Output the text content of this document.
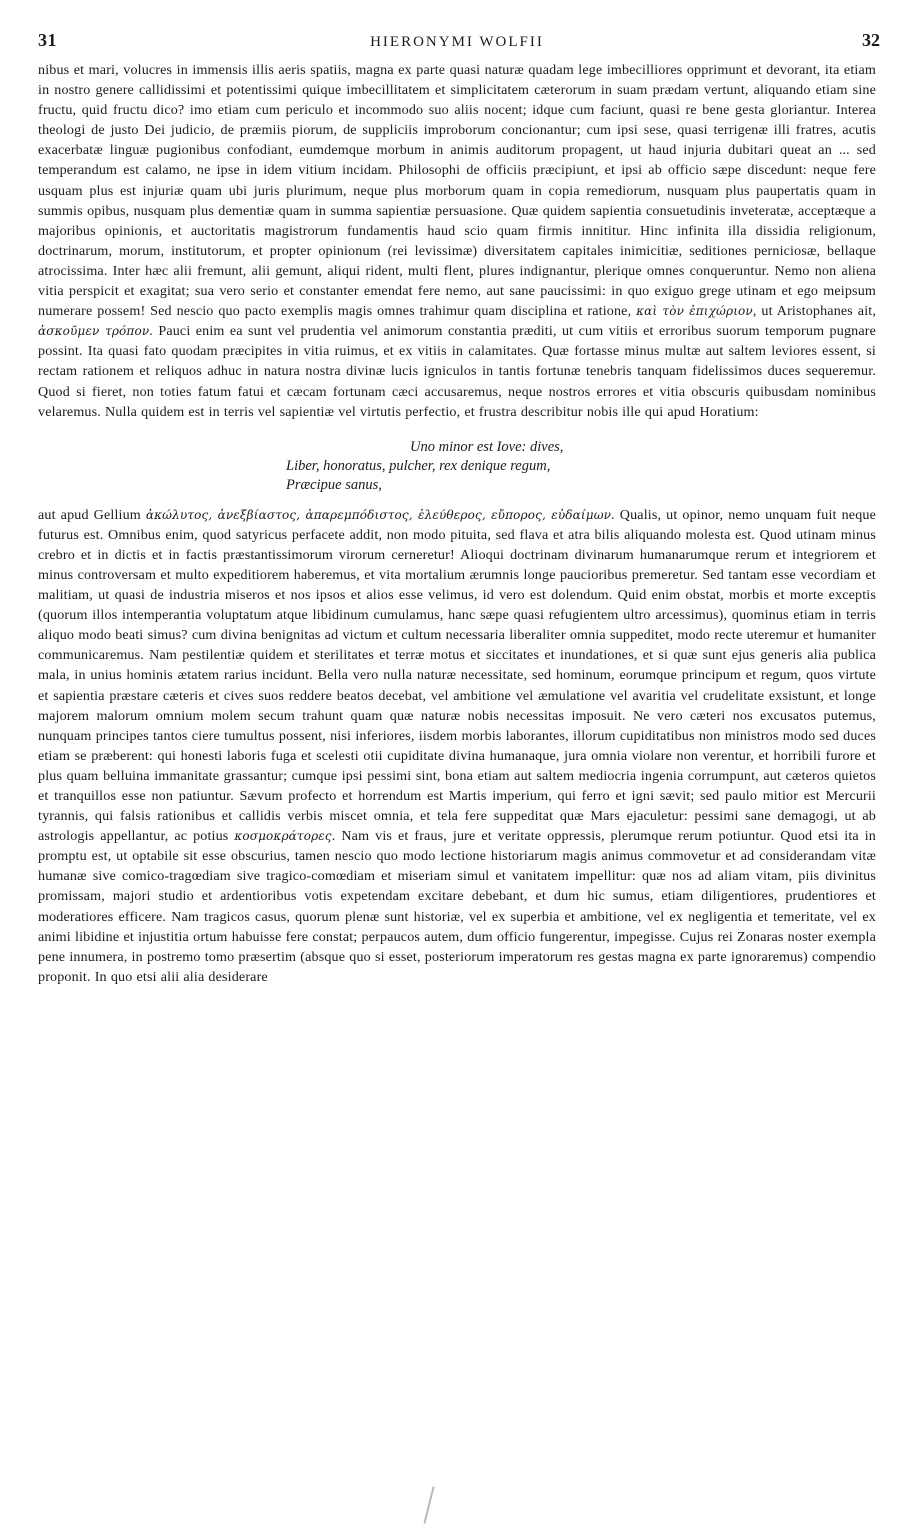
31	HIERONYMI WOLFII	32

nibus et mari, volucres in immensis illis aeris spatiis, magna ex parte quasi naturæ quadam lege imbecilliores opprimunt et devorant, ita etiam in nostro genere callidissimi et potentissimi quique imbecillitatem et simplicitatem cæterorum in suam prædam vertunt, aliquando etiam sine fructu, quid fructu dico? imo etiam cum periculo et incommodo suo aliis nocent; idque cum faciunt, quasi re bene gesta gloriantur. Interea theologi de justo Dei judicio, de præmiis piorum, de suppliciis improborum concionantur; cum ipsi sese, quasi terrigenæ illi fratres, acutis exacerbatæ linguæ pugionibus confodiant, eumdemque morbum in animis auditorum propagent, ut haud injuria dubitari queat an ... sed temperandum est calamo, ne ipse in idem vitium incidam. Philosophi de officiis præcipiunt, et ipsi ab officio sæpe discedunt: neque fere usquam plus est injuriæ quam ubi juris plurimum, neque plus morborum quam in copia remediorum, nusquam plus paupertatis quam in summis opibus, nusquam plus dementiæ quam in summa sapientiæ persuasione. Quæ quidem sapientia consuetudinis inveteratæ, acceptæque a majoribus opinionis, et auctoritatis magistrorum fundamentis haud scio quam firmis innititur. Hinc infinita illa dissidia religionum, doctrinarum, morum, institutorum, et propter opinionum (rei levissimæ) diversitatem capitales inimicitiæ, seditiones perniciosæ, bellaque atrocissima. Inter hæc alii fremunt, alii gemunt, aliqui rident, multi flent, plures indignantur, plerique omnes conqueruntur. Nemo non aliena vitia perspicit et exagitat; sua vero serio et constanter emendat fere nemo, aut sane paucissimi: in quo exiguo grege utinam et ego meipsum numerare possem! Sed nescio quo pacto exemplis magis omnes trahimur quam disciplina et ratione, καὶ τὸν ἐπιχώριον, ut Aristophanes ait, ἀσκοῦμεν τρόπον. Pauci enim ea sunt vel prudentia vel animorum constantia præditi, ut cum vitiis et erroribus suorum temporum pugnare possint. Ita quasi fato quodam præcipites in vitia ruimus, et ex vitiis in calamitates. Quæ fortasse minus multæ aut saltem leviores essent, si rectam rationem et reliquos adhuc in natura nostra divinæ lucis igniculos in tantis fortunæ tenebris tanquam fidelissimos duces sequeremur. Quod si fieret, non toties fatum fatui et cæcam fortunam cæci accusaremus, neque nostros errores et vitia obscuris quibusdam nominibus velaremus. Nulla quidem est in terris vel sapientiæ vel virtutis perfectio, et frustra describitur nobis ille qui apud Horatium:

Uno minor est Iove: dives,
Liber, honoratus, pulcher, rex denique regum,
Præcipue sanus,

aut apud Gellium ἀκώλυτος, ἀνεξβίαστος, ἀπαρεμπόδιστος, ἐλεύθερος, εὔπορος, εὐδαίμων. Qualis, ut opinor, nemo unquam fuit neque futurus est. Omnibus enim, quod satyricus perfacete addit, non modo pituita, sed flava et atra bilis aliquando molesta est. Quod utinam minus crebro et in dictis et in factis præstantissimorum virorum cerneretur! Alioqui doctrinam divinarum humanarumque rerum et integriorem et minus controversam et multo expeditiorem haberemus, et vita mortalium ærumnis longe paucioribus premeretur. Sed tantam esse vecordiam et malitiam, ut quasi de industria miseros et nos ipsos et alios esse velimus, id vero est dolendum. Quid enim obstat, morbis et morte exceptis (quorum illos intemperantia voluptatum atque libidinum cumulamus, hanc sæpe quasi refugientem ultro arcessimus), quominus etiam in terris aliquo modo beati simus? cum divina benignitas ad victum et cultum necessaria liberaliter omnia suppeditet, modo recte uteremur et humaniter communicaremus. Nam pestilentiæ quidem et sterilitates et terræ motus et siccitates et inundationes, et si quæ sunt ejus generis alia publica mala, in unius hominis ætatem rarius incidunt. Bella vero nulla naturæ necessitate, sed hominum, eorumque principum et regum, quos virtute et sapientia præstare cæteris et cives suos reddere beatos decebat, vel ambitione vel æmulatione vel avaritia vel crudelitate exsistunt, et longe majorem malorum omnium molem secum trahunt quam quæ naturæ nobis necessitas imposuit. Ne vero cæteri nos excusatos putemus, nunquam principes tantos ciere tumultus possent, nisi inferiores, iisdem morbis laborantes, illorum cupiditatibus non ministros modo sed duces etiam se præberent: qui honesti laboris fuga et scelesti otii cupiditate divina humanaque, jura omnia violare non verentur, et horribili furore et plus quam belluina immanitate grassantur; cumque ipsi pessimi sint, bona etiam aut saltem mediocria ingenia corrumpunt, aut cæteros quietos et tranquillos esse non patiuntur. Sævum profecto et horrendum est Martis imperium, qui ferro et igni sævit; sed paulo mitior est Mercurii tyrannis, qui falsis rationibus et callidis verbis miscet omnia, et tela fere suppeditat quæ Mars ejaculetur: pessimi sane demagogi, ut ab astrologis appellantur, ac potius κοσμοκράτορες. Nam vis et fraus, jure et veritate oppressis, plerumque rerum potiuntur. Quod etsi ita in promptu est, ut optabile sit esse obscurius, tamen nescio quo modo lectione historiarum magis animus commovetur et ad considerandam vitæ humanæ sive comico-tragœdiam sive tragico-comœdiam et miseriam simul et vanitatem impellitur: quæ nos ad aliam vitam, piis divinitus promissam, majori studio et ardentioribus votis expetendam excitare debebant, et dum hic sumus, etiam diligentiores, prudentiores et moderatiores efficere. Nam tragicos casus, quorum plenæ sunt historiæ, vel ex superbia et ambitione, vel ex negligentia et temeritate, vel ex animi libidine et injustitia ortum habuisse fere constat; perpaucos autem, dum officio fungerentur, impegisse. Cujus rei Zonaras noster exempla pene innumera, in postremo tomo præsertim (absque quo si esset, posteriorum imperatorum res gestas magna ex parte ignoraremus) compendio proponit. In quo etsi alii alia desiderare
